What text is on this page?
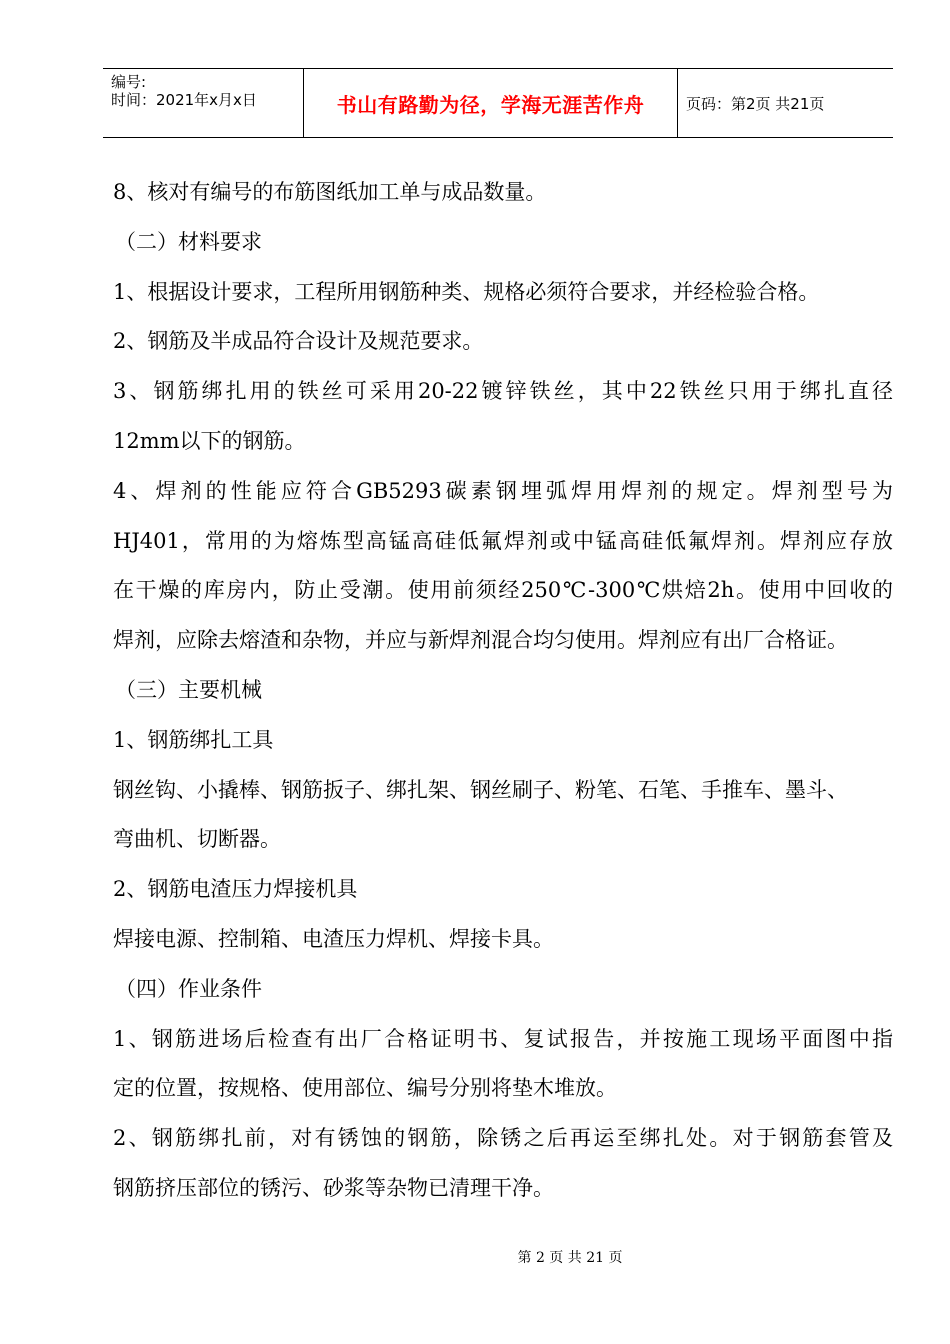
编号:
时间：2021年x月x日	书山有路勤为径，学海无涯苦作舟	页码：第2页 共21页
8、核对有编号的布筋图纸加工单与成品数量。
（二）材料要求
1、根据设计要求，工程所用钢筋种类、规格必须符合要求，并经检验合格。
2、钢筋及半成品符合设计及规范要求。
3、钢筋绑扎用的铁丝可采用20-22镀锌铁丝，其中22铁丝只用于绑扎直径
12mm以下的钢筋。
4、焊剂的性能应符合GB5293碳素钢埋弧焊用焊剂的规定。焊剂型号为
HJ401，常用的为熔炼型高锰高硅低氟焊剂或中锰高硅低氟焊剂。焊剂应存放
在干燥的库房内，防止受潮。使用前须经250℃-300℃烘焙2h。使用中回收的
焊剂，应除去熔渣和杂物，并应与新焊剂混合均匀使用。焊剂应有出厂合格证。
（三）主要机械
1、钢筋绑扎工具
钢丝钩、小撬棒、钢筋扳子、绑扎架、钢丝刷子、粉笔、石笔、手推车、墨斗、
弯曲机、切断器。
2、钢筋电渣压力焊接机具
焊接电源、控制箱、电渣压力焊机、焊接卡具。
（四）作业条件
1、钢筋进场后检查有出厂合格证明书、复试报告，并按施工现场平面图中指
定的位置，按规格、使用部位、编号分别将垫木堆放。
2、钢筋绑扎前，对有锈蚀的钢筋，除锈之后再运至绑扎处。对于钢筋套管及
钢筋挤压部位的锈污、砂浆等杂物已清理干净。
第 2 页 共 21 页
